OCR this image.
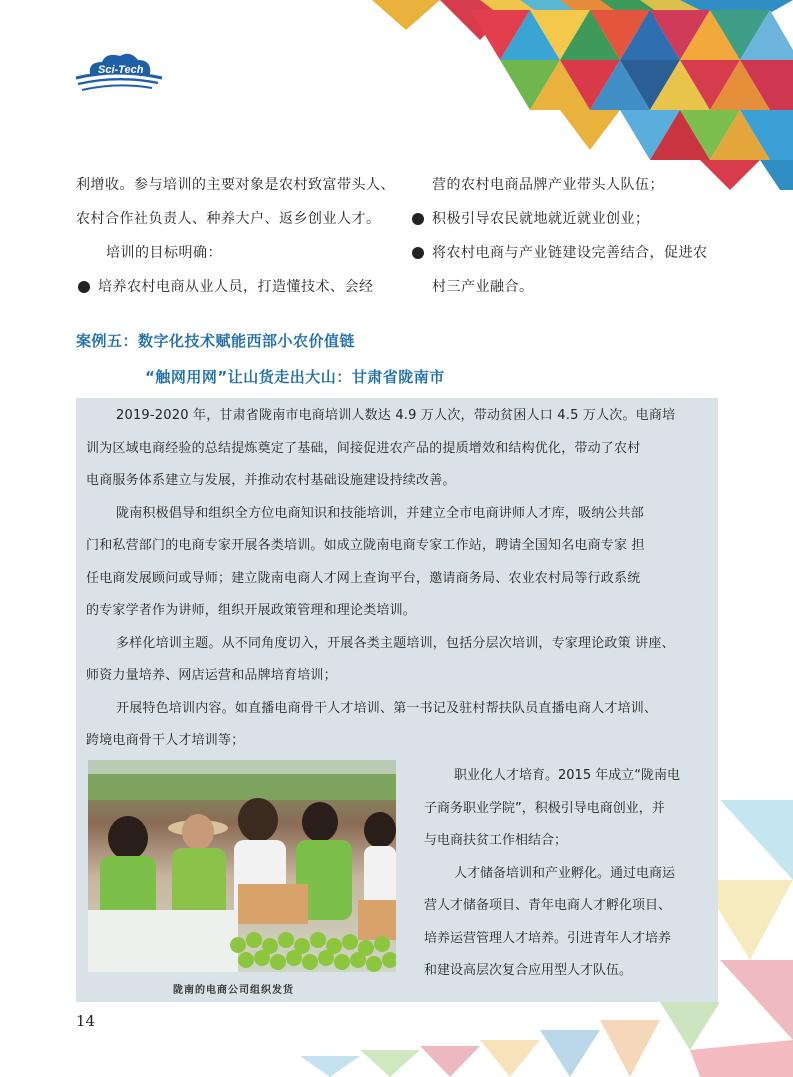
Sci-Tech

利增收。参与培训的主要对象是农村致富带头人、

农村合作社负责人、种养大户、返乡创业人才。

培训的目标明确：

培养农村电商从业人员，打造懂技术、会经

营的农村电商品牌产业带头人队伍；

积极引导农民就地就近就业创业；

将农村电商与产业链建设完善结合，促进农

村三产业融合。

案例五：数字化技术赋能西部小农价值链
“触网用网”让山货走出大山：甘肃省陇南市

2019-2020 年，甘肃省陇南市电商培训人数达 4.9 万人次，带动贫困人口 4.5 万人次。电商培

训为区域电商经验的总结提炼奠定了基础，间接促进农产品的提质增效和结构优化，带动了农村

电商服务体系建立与发展，并推动农村基础设施建设持续改善。

陇南积极倡导和组织全方位电商知识和技能培训，并建立全市电商讲师人才库，吸纳公共部

门和私营部门的电商专家开展各类培训。如成立陇南电商专家工作站，聘请全国知名电商专家 担

任电商发展顾问或导师；建立陇南电商人才网上查询平台，邀请商务局、农业农村局等行政系统

的专家学者作为讲师，组织开展政策管理和理论类培训。

多样化培训主题。从不同角度切入，开展各类主题培训，包括分层次培训，专家理论政策 讲座、

师资力量培养、网店运营和品牌培育培训；

开展特色培训内容。如直播电商骨干人才培训、第一书记及驻村帮扶队员直播电商人才培训、

跨境电商骨干人才培训等；

陇南的电商公司组织发货

职业化人才培育。2015 年成立“陇南电

子商务职业学院”，积极引导电商创业，并

与电商扶贫工作相结合；

人才储备培训和产业孵化。通过电商运

营人才储备项目、青年电商人才孵化项目、

培养运营管理人才培养。引进青年人才培养

和建设高层次复合应用型人才队伍。

14
